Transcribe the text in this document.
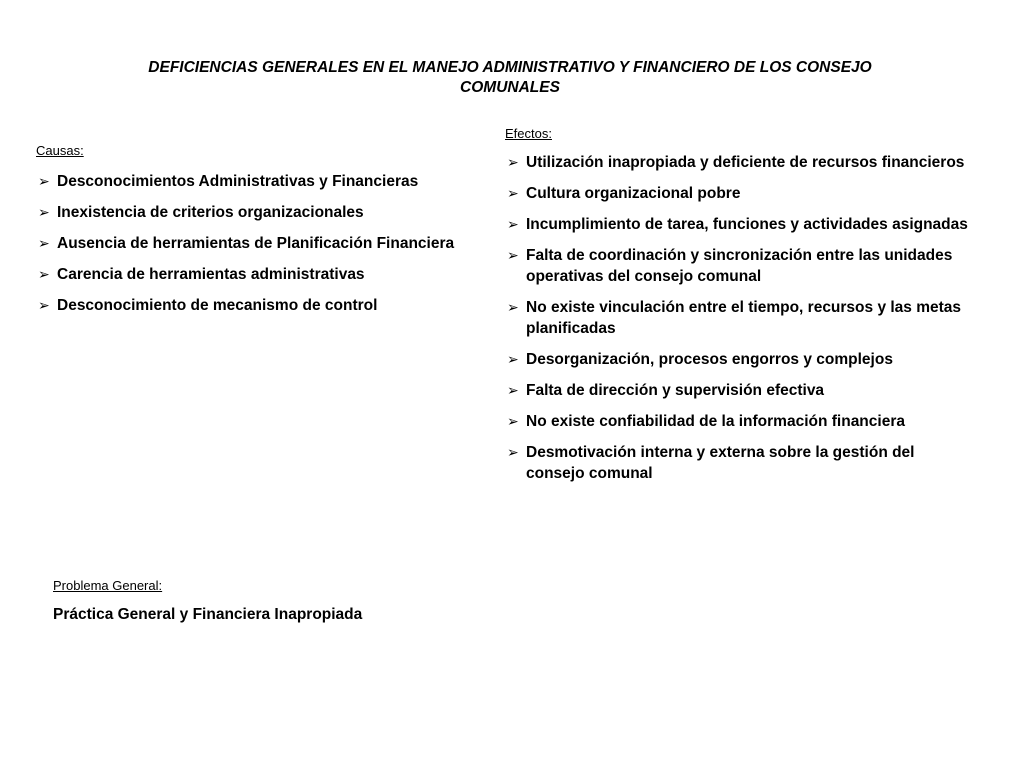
DEFICIENCIAS GENERALES EN EL MANEJO ADMINISTRATIVO Y FINANCIERO DE LOS CONSEJO COMUNALES

Causas:

➢ Desconocimientos Administrativas y Financieras
➢ Inexistencia de criterios organizacionales
➢ Ausencia de herramientas de Planificación Financiera
➢ Carencia de herramientas administrativas
➢ Desconocimiento de mecanismo de control

Efectos:

➢ Utilización inapropiada y deficiente de recursos financieros
➢ Cultura organizacional pobre
➢ Incumplimiento de tarea, funciones y actividades asignadas
➢ Falta de coordinación y sincronización entre las unidades operativas del consejo comunal
➢ No existe vinculación entre el tiempo, recursos y las metas planificadas
➢ Desorganización, procesos engorros y complejos
➢ Falta de dirección y supervisión efectiva
➢ No existe confiabilidad de la información financiera
➢ Desmotivación interna y externa sobre la gestión del consejo comunal

Problema General:

Práctica General y Financiera Inapropiada
